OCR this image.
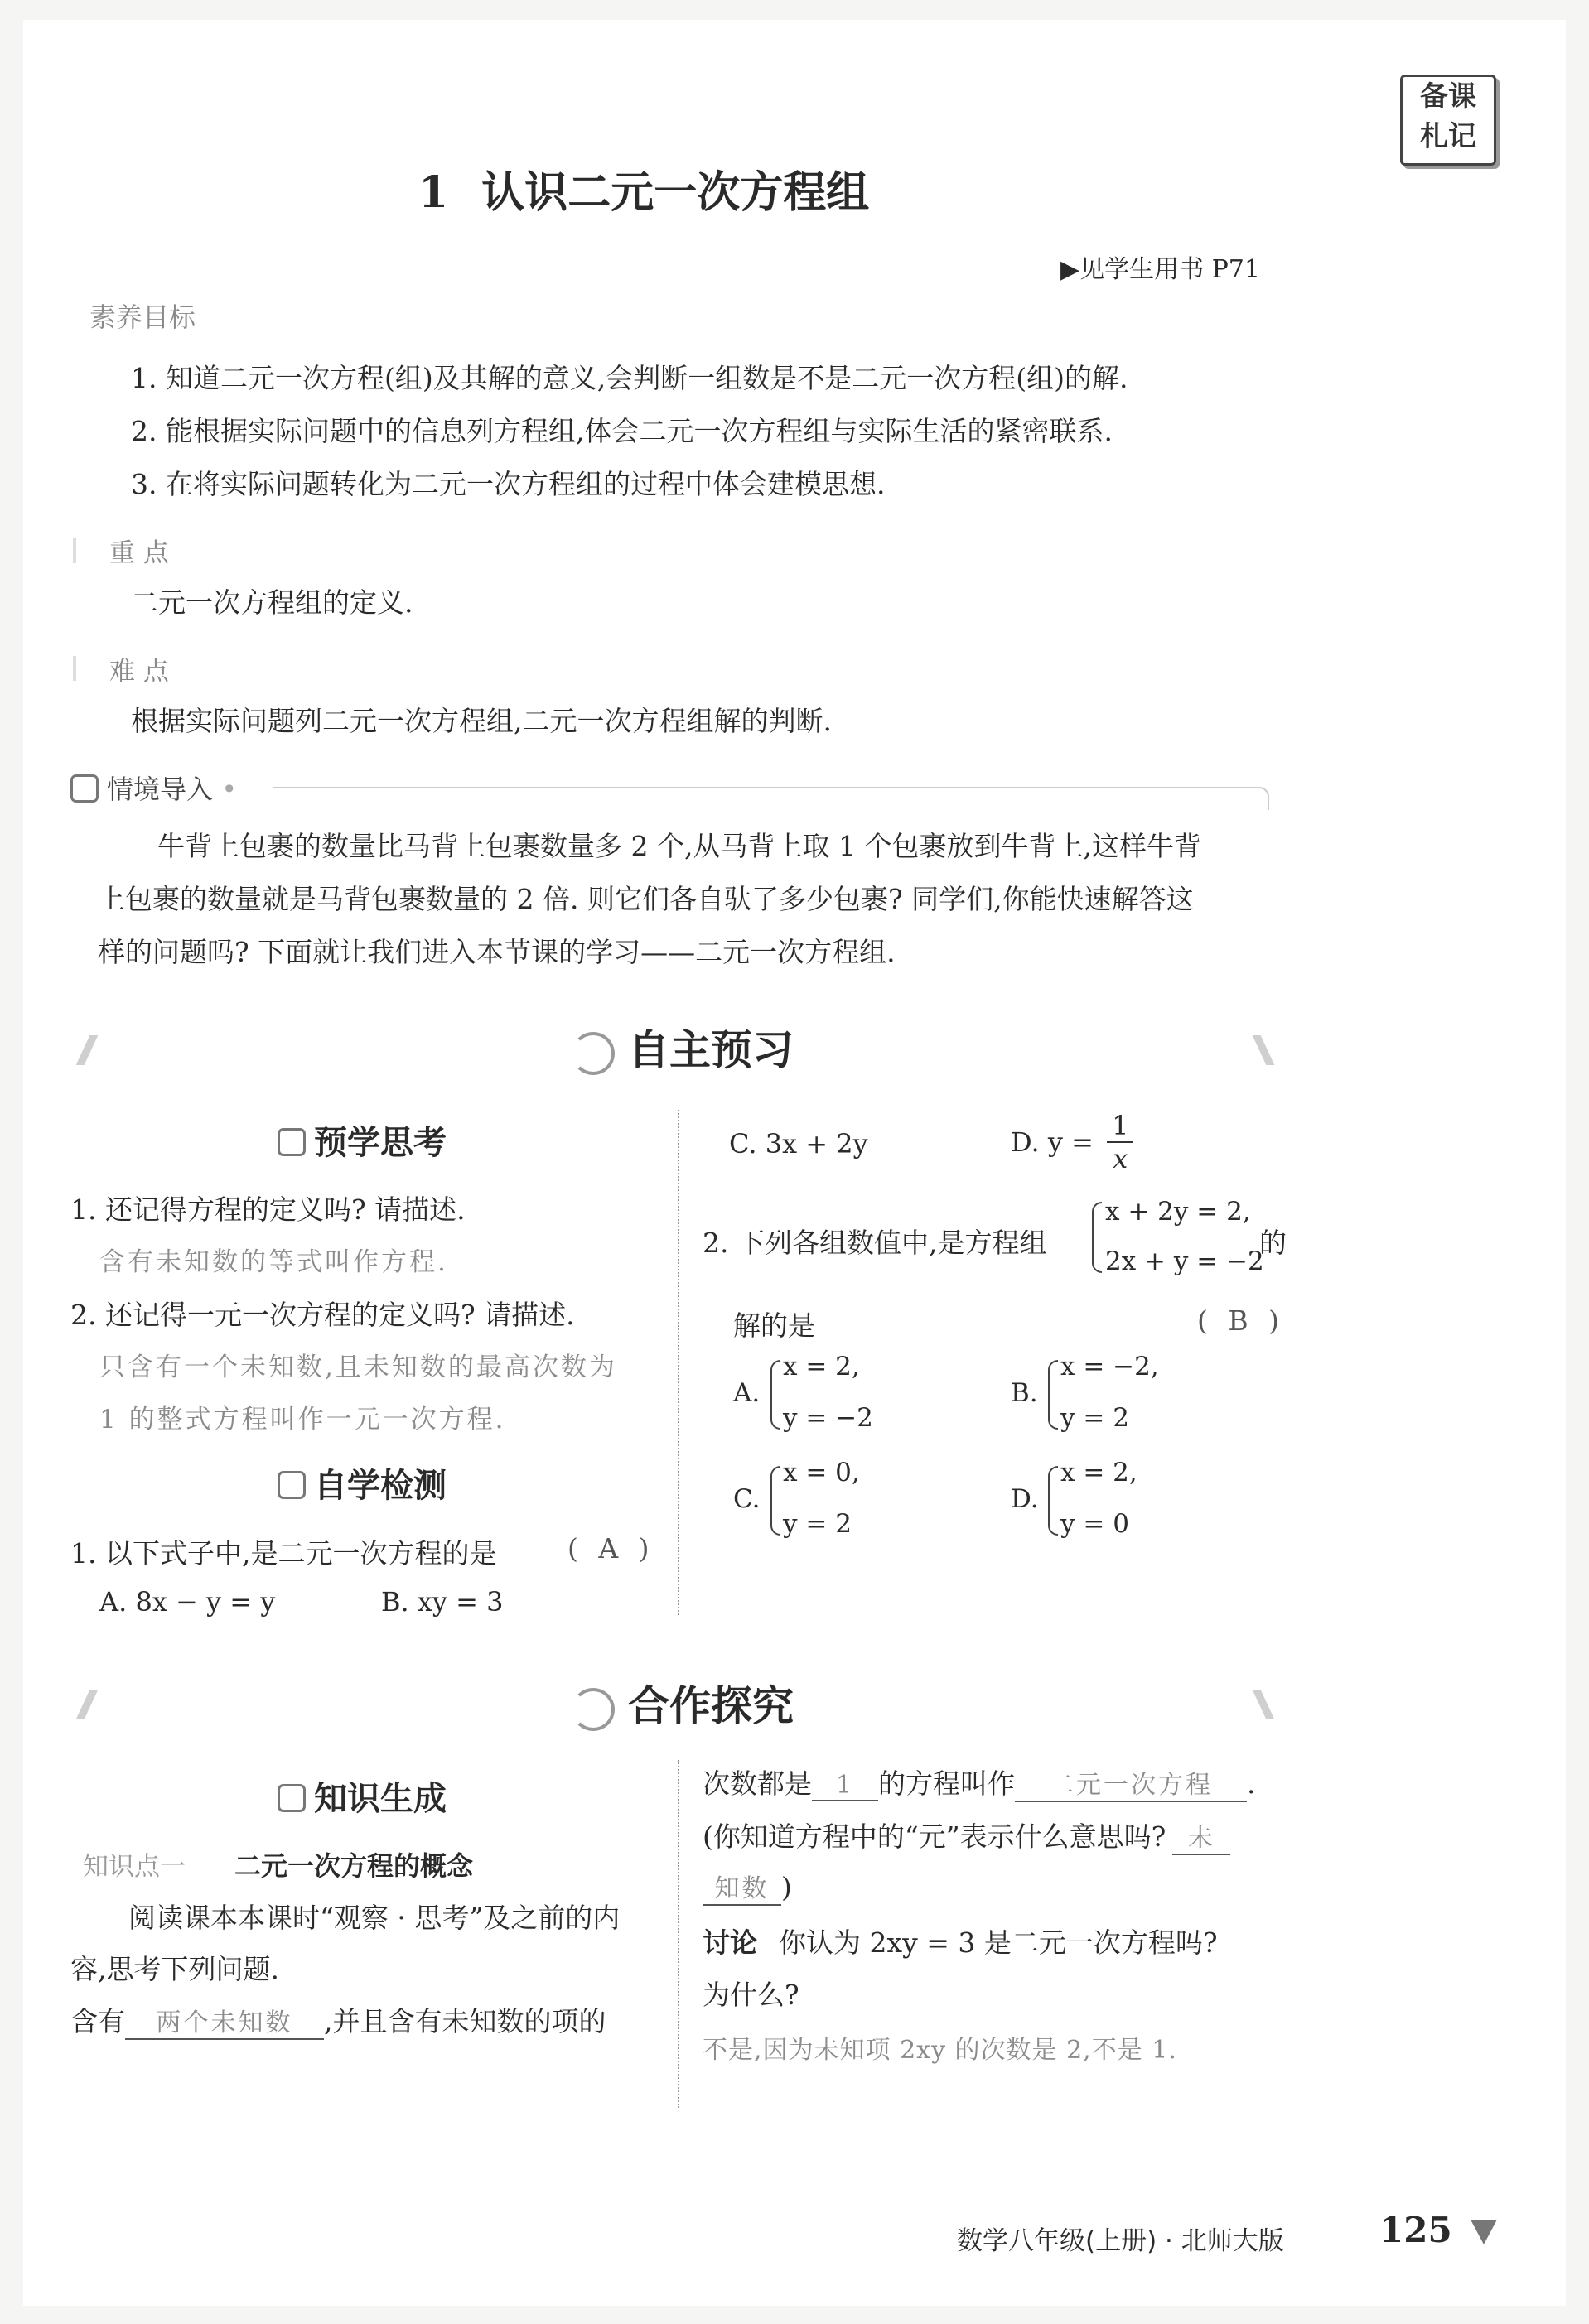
备课
札记
1 认识二元一次方程组
▶见学生用书 P71
素养目标
1. 知道二元一次方程(组)及其解的意义,会判断一组数是不是二元一次方程(组)的解.
2. 能根据实际问题中的信息列方程组,体会二元一次方程组与实际生活的紧密联系.
3. 在将实际问题转化为二元一次方程组的过程中体会建模思想.
重 点
二元一次方程组的定义.
难 点
根据实际问题列二元一次方程组,二元一次方程组解的判断.
情境导入 •
牛背上包裹的数量比马背上包裹数量多 2 个,从马背上取 1 个包裹放到牛背上,这样牛背
上包裹的数量就是马背包裹数量的 2 倍. 则它们各自驮了多少包裹? 同学们,你能快速解答这
样的问题吗? 下面就让我们进入本节课的学习——二元一次方程组.
自主预习
预学思考
1. 还记得方程的定义吗? 请描述.
含有未知数的等式叫作方程.
2. 还记得一元一次方程的定义吗? 请描述.
只含有一个未知数,且未知数的最高次数为
1 的整式方程叫作一元一次方程.
自学检测
1. 以下式子中,是二元一次方程的是	( A )
A. 8x − y = y	B. xy = 3
C. 3x + 2y	D. $y = \frac{1}{x}$
2. 下列各组数值中,是方程组
x + 2y = 2,
2x + y = −2
的
解的是	( B )
A.
x = 2,
y = −2
B.
x = −2,
y = 2
C.
x = 0,
y = 2
D.
x = 2,
y = 0
合作探究
知识生成
知识点一 二元一次方程的概念
阅读课本本课时“观察 · 思考”及之前的内
容,思考下列问题.
含有 两个未知数 ,并且含有未知数的项的
次数都是 1 的方程叫作 二元一次方程 .
(你知道方程中的“元”表示什么意思吗? 未
知数 )
讨论 你认为 2xy = 3 是二元一次方程吗?
为什么?
不是,因为未知项 2xy 的次数是 2,不是 1.
数学八年级(上册) · 北师大版	125
